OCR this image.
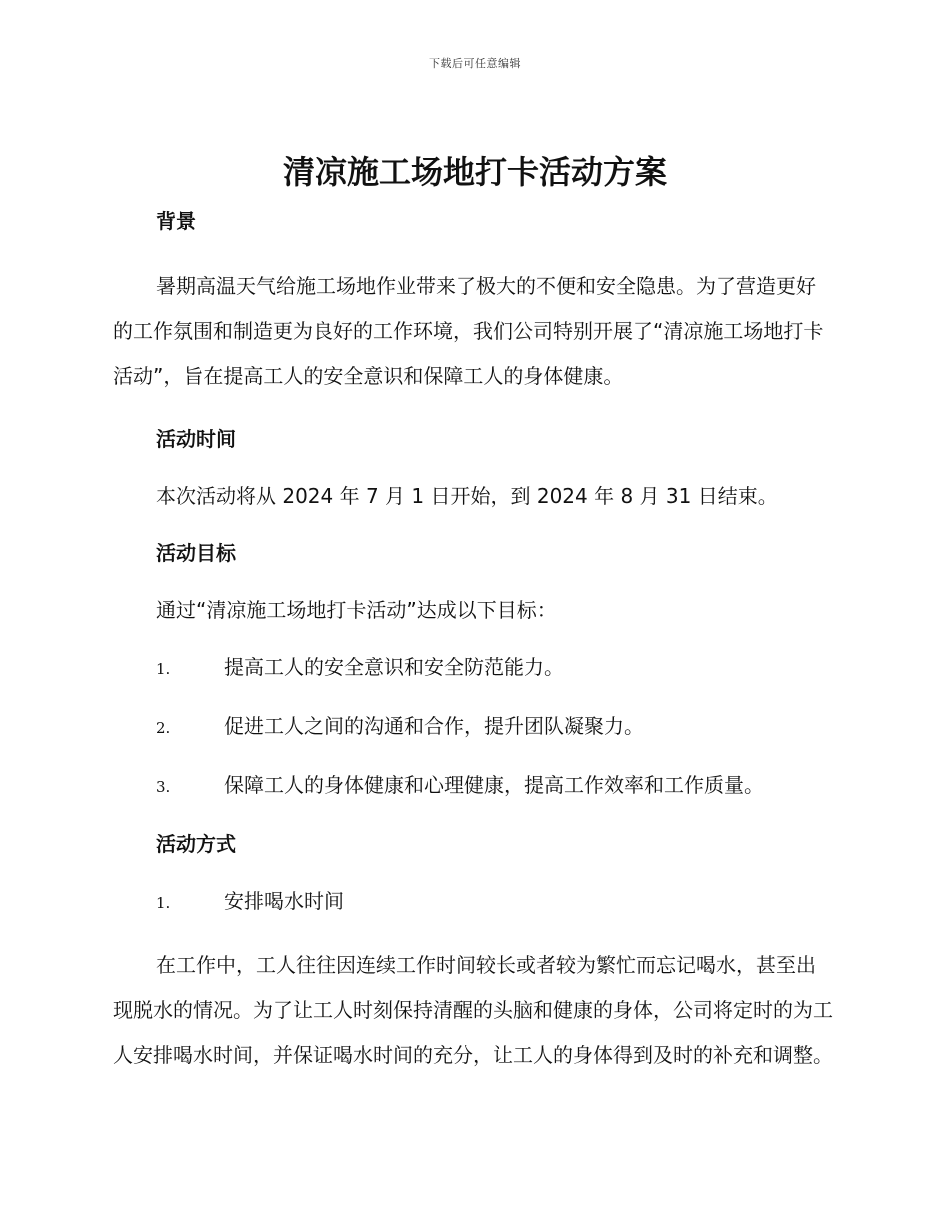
下载后可任意编辑
清凉施工场地打卡活动方案
背景

暑期高温天气给施工场地作业带来了极大的不便和安全隐患。为了营造更好的工作氛围和制造更为良好的工作环境，我们公司特别开展了“清凉施工场地打卡活动”，旨在提高工人的安全意识和保障工人的身体健康。

活动时间
本次活动将从 2024 年 7 月 1 日开始，到 2024 年 8 月 31 日结束。
活动目标
通过“清凉施工场地打卡活动”达成以下目标：
1.	提高工人的安全意识和安全防范能力。
2.	促进工人之间的沟通和合作，提升团队凝聚力。
3.	保障工人的身体健康和心理健康，提高工作效率和工作质量。
活动方式
1.	安排喝水时间

在工作中，工人往往因连续工作时间较长或者较为繁忙而忘记喝水，甚至出现脱水的情况。为了让工人时刻保持清醒的头脑和健康的身体，公司将定时的为工人安排喝水时间，并保证喝水时间的充分，让工人的身体得到及时的补充和调整。
